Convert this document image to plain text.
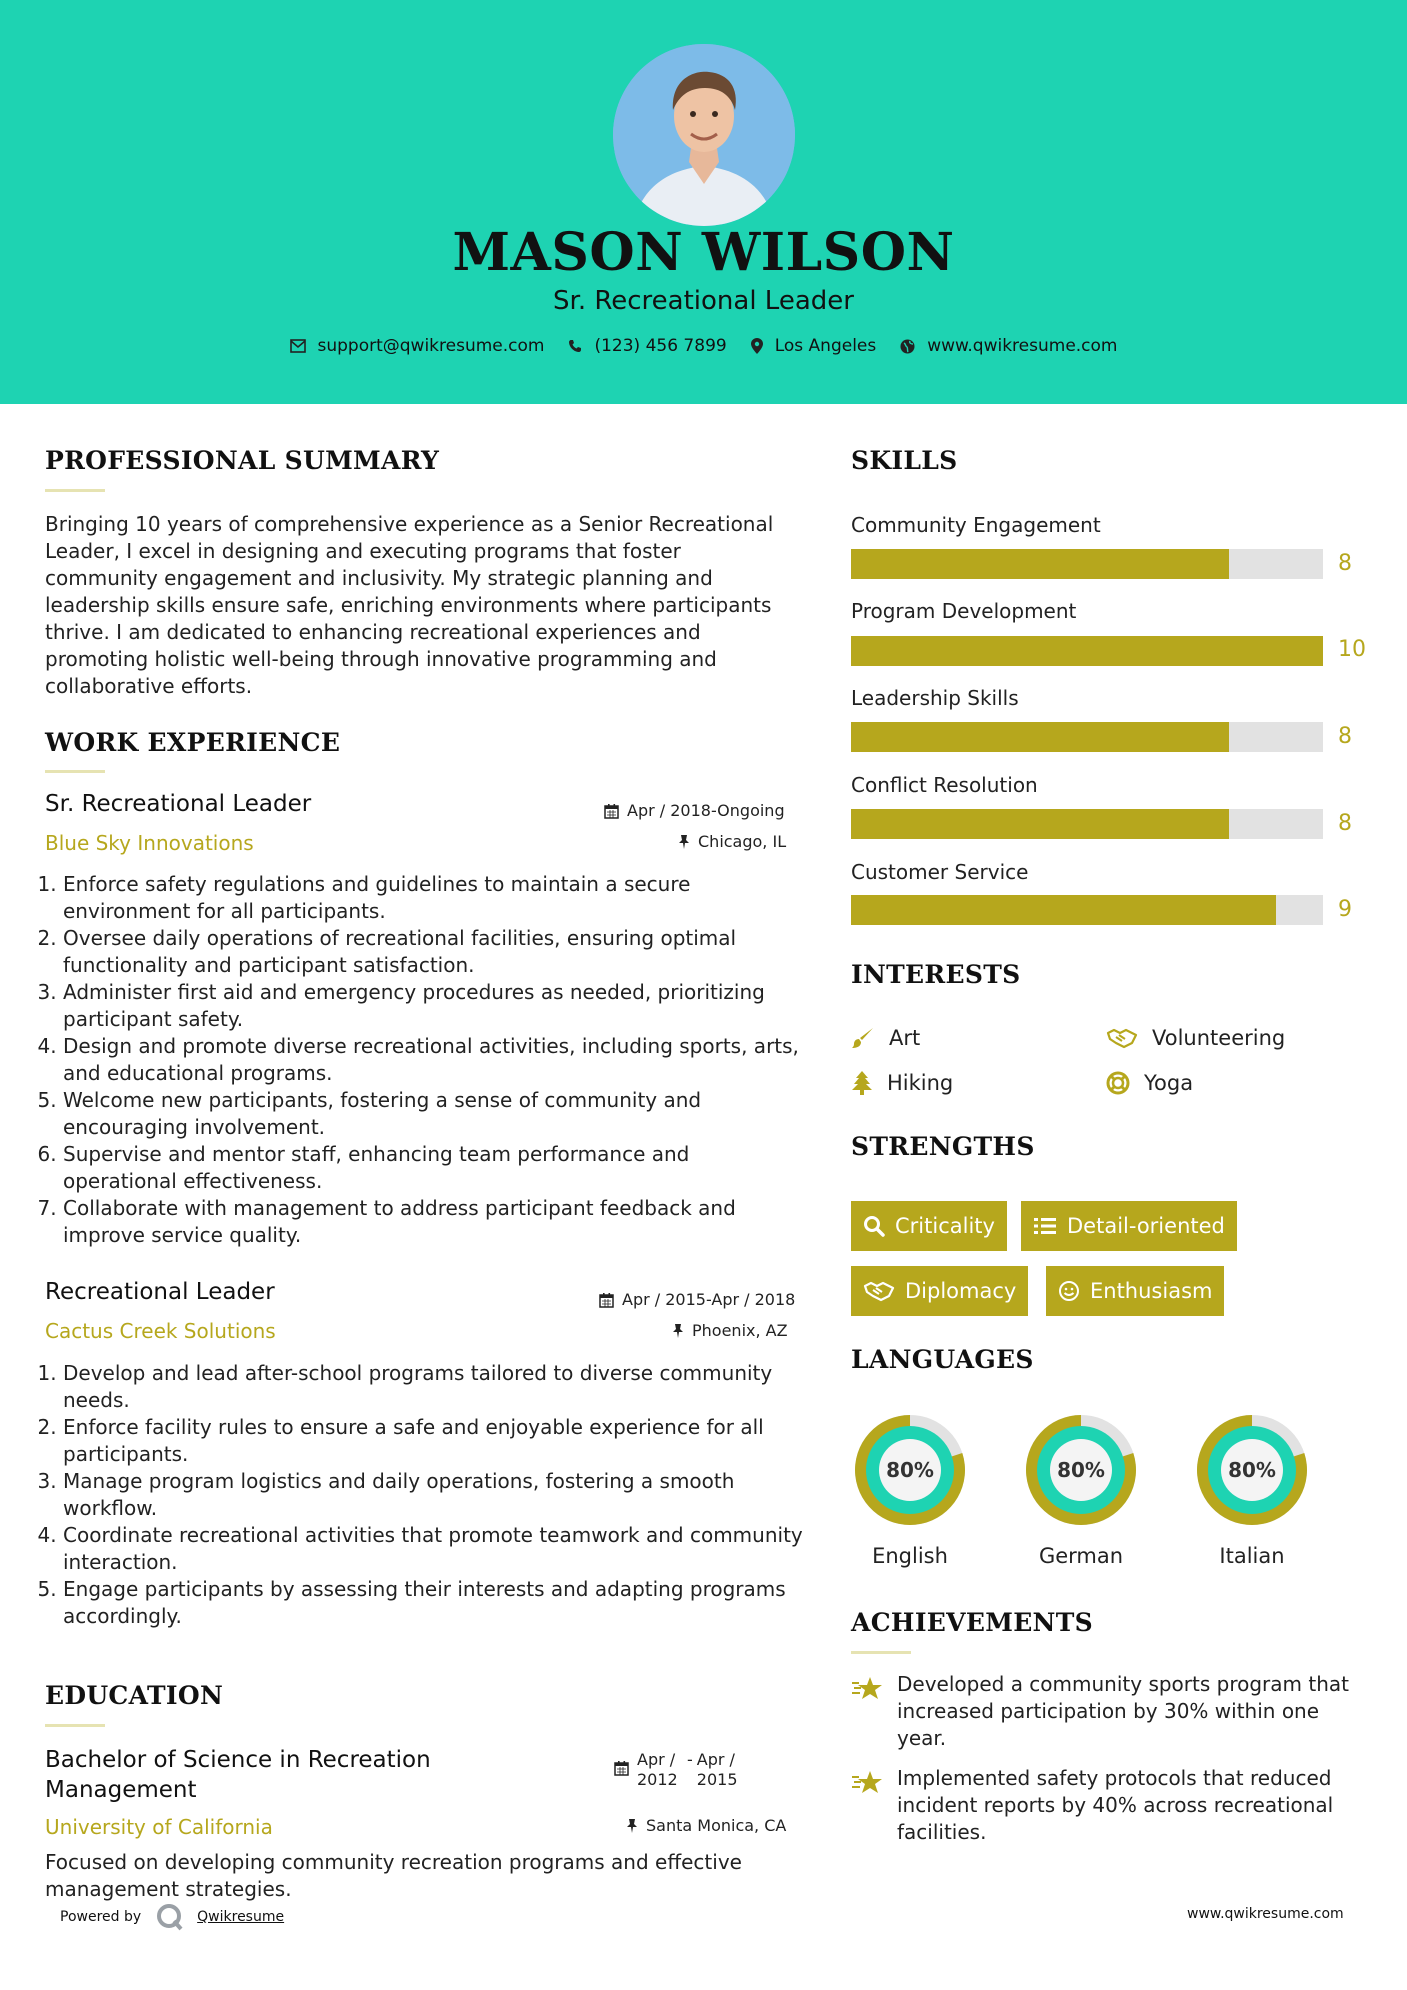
MASON WILSON
Sr. Recreational Leader
support@qwikresume.com	(123) 456 7899	Los Angeles	www.qwikresume.com
PROFESSIONAL SUMMARY
Bringing 10 years of comprehensive experience as a Senior Recreational Leader, I excel in designing and executing programs that foster community engagement and inclusivity. My strategic planning and leadership skills ensure safe, enriching environments where participants thrive. I am dedicated to enhancing recreational experiences and promoting holistic well-being through innovative programming and collaborative efforts.
WORK EXPERIENCE
Sr. Recreational Leader	Apr / 2018-Ongoing
Blue Sky Innovations	Chicago, IL
1. Enforce safety regulations and guidelines to maintain a secure environment for all participants.
2. Oversee daily operations of recreational facilities, ensuring optimal functionality and participant satisfaction.
3. Administer first aid and emergency procedures as needed, prioritizing participant safety.
4. Design and promote diverse recreational activities, including sports, arts, and educational programs.
5. Welcome new participants, fostering a sense of community and encouraging involvement.
6. Supervise and mentor staff, enhancing team performance and operational effectiveness.
7. Collaborate with management to address participant feedback and improve service quality.
Recreational Leader	Apr / 2015-Apr / 2018
Cactus Creek Solutions	Phoenix, AZ
1. Develop and lead after-school programs tailored to diverse community needs.
2. Enforce facility rules to ensure a safe and enjoyable experience for all participants.
3. Manage program logistics and daily operations, fostering a smooth workflow.
4. Coordinate recreational activities that promote teamwork and community interaction.
5. Engage participants by assessing their interests and adapting programs accordingly.
EDUCATION
Bachelor of Science in Recreation Management
Apr / 2012
- Apr / 2015
University of California	Santa Monica, CA
Focused on developing community recreation programs and effective management strategies.
SKILLS
Community Engagement
8
Program Development
10
Leadership Skills
8
Conflict Resolution
8
Customer Service
9
INTERESTS
Art	Volunteering
Hiking	Yoga
STRENGTHS
Criticality	Detail-oriented
Diplomacy	Enthusiasm
LANGUAGES
80%
English
80%
German
80%
Italian
ACHIEVEMENTS
Developed a community sports program that increased participation by 30% within one year.
Implemented safety protocols that reduced incident reports by 40% across recreational facilities.
Powered by	Qwikresume	www.qwikresume.com
